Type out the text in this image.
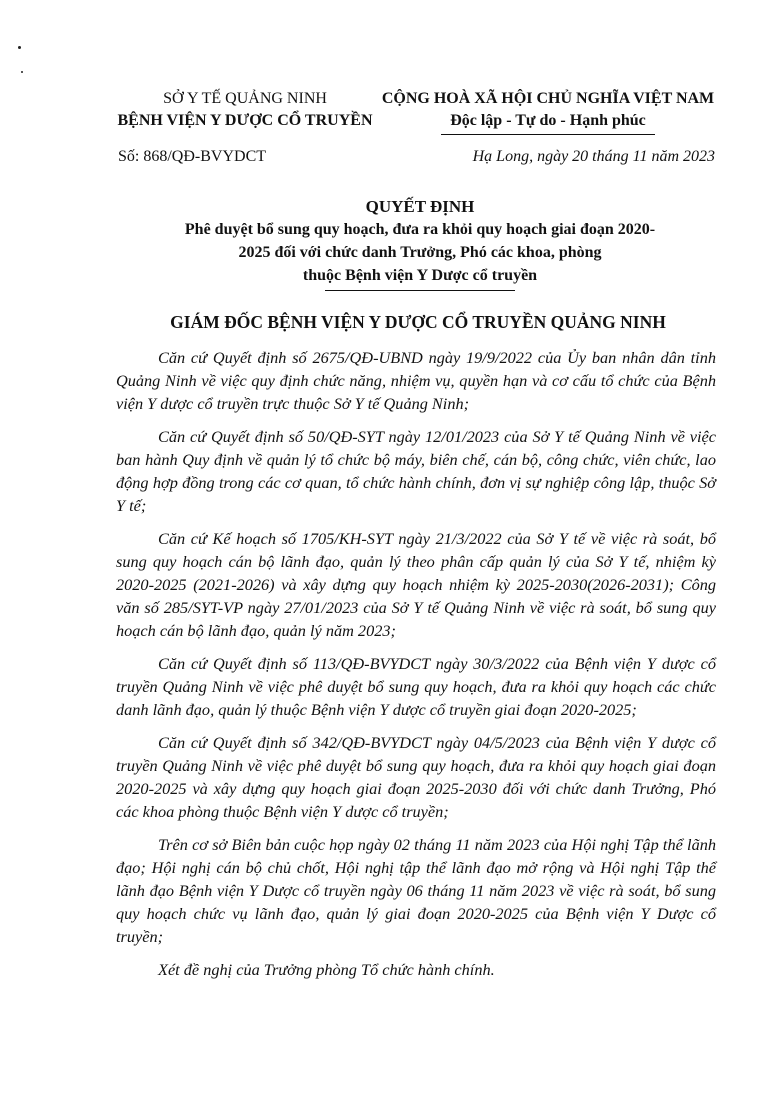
SỞ Y TẾ QUẢNG NINH
BỆNH VIỆN Y DƯỢC CỔ TRUYỀN
CỘNG HOÀ XÃ HỘI CHỦ NGHĨA VIỆT NAM
Độc lập - Tự do - Hạnh phúc
Số: 868/QĐ-BVYDCT	Hạ Long, ngày 20 tháng 11 năm 2023
QUYẾT ĐỊNH
Phê duyệt bổ sung quy hoạch, đưa ra khỏi quy hoạch giai đoạn 2020-
2025 đối với chức danh Trưởng, Phó các khoa, phòng
thuộc Bệnh viện Y Dược cổ truyền
GIÁM ĐỐC BỆNH VIỆN Y DƯỢC CỔ TRUYỀN QUẢNG NINH

Căn cứ Quyết định số 2675/QĐ-UBND ngày 19/9/2022 của Ủy ban nhân dân tỉnh Quảng Ninh về việc quy định chức năng, nhiệm vụ, quyền hạn và cơ cấu tổ chức của Bệnh viện Y dược cổ truyền trực thuộc Sở Y tế Quảng Ninh;

Căn cứ Quyết định số 50/QĐ-SYT ngày 12/01/2023 của Sở Y tế Quảng Ninh về việc ban hành Quy định về quản lý tổ chức bộ máy, biên chế, cán bộ, công chức, viên chức, lao động hợp đồng trong các cơ quan, tổ chức hành chính, đơn vị sự nghiệp công lập, thuộc Sở Y tế;

Căn cứ Kế hoạch số 1705/KH-SYT ngày 21/3/2022 của Sở Y tế về việc rà soát, bổ sung quy hoạch cán bộ lãnh đạo, quản lý theo phân cấp quản lý của Sở Y tế, nhiệm kỳ 2020-2025 (2021-2026) và xây dựng quy hoạch nhiệm kỳ 2025-2030(2026-2031); Công văn số 285/SYT-VP ngày 27/01/2023 của Sở Y tế Quảng Ninh về việc rà soát, bổ sung quy hoạch cán bộ lãnh đạo, quản lý năm 2023;

Căn cứ Quyết định số 113/QĐ-BVYDCT ngày 30/3/2022 của Bệnh viện Y dược cổ truyền Quảng Ninh về việc phê duyệt bổ sung quy hoạch, đưa ra khỏi quy hoạch các chức danh lãnh đạo, quản lý thuộc Bệnh viện Y dược cổ truyền giai đoạn 2020-2025;

Căn cứ Quyết định số 342/QĐ-BVYDCT ngày 04/5/2023 của Bệnh viện Y dược cổ truyền Quảng Ninh về việc phê duyệt bổ sung quy hoạch, đưa ra khỏi quy hoạch giai đoạn 2020-2025 và xây dựng quy hoạch giai đoạn 2025-2030 đối với chức danh Trưởng, Phó các khoa phòng thuộc Bệnh viện Y dược cổ truyền;

Trên cơ sở Biên bản cuộc họp ngày 02 tháng 11 năm 2023 của Hội nghị Tập thể lãnh đạo; Hội nghị cán bộ chủ chốt, Hội nghị tập thể lãnh đạo mở rộng và Hội nghị Tập thể lãnh đạo Bệnh viện Y Dược cổ truyền ngày 06 tháng 11 năm 2023 về việc rà soát, bổ sung quy hoạch chức vụ lãnh đạo, quản lý giai đoạn 2020-2025 của Bệnh viện Y Dược cổ truyền;

Xét đề nghị của Trưởng phòng Tổ chức hành chính.
